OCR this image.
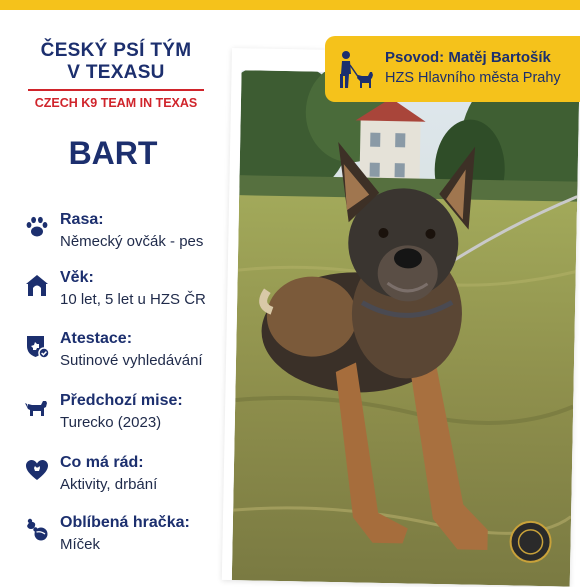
ČESKÝ PSÍ TÝM
V TEXASU
CZECH K9 TEAM IN TEXAS
BART
Rasa:
Německý ovčák - pes
Věk:
10 let, 5 let u HZS ČR
Atestace:
Sutinové vyhledávání
Předchozí mise:
Turecko (2023)
Co má rád:
Aktivity, drbání
Oblíbená hračka:
Míček
Psovod: Matěj Bartošík
HZS Hlavního města Prahy
